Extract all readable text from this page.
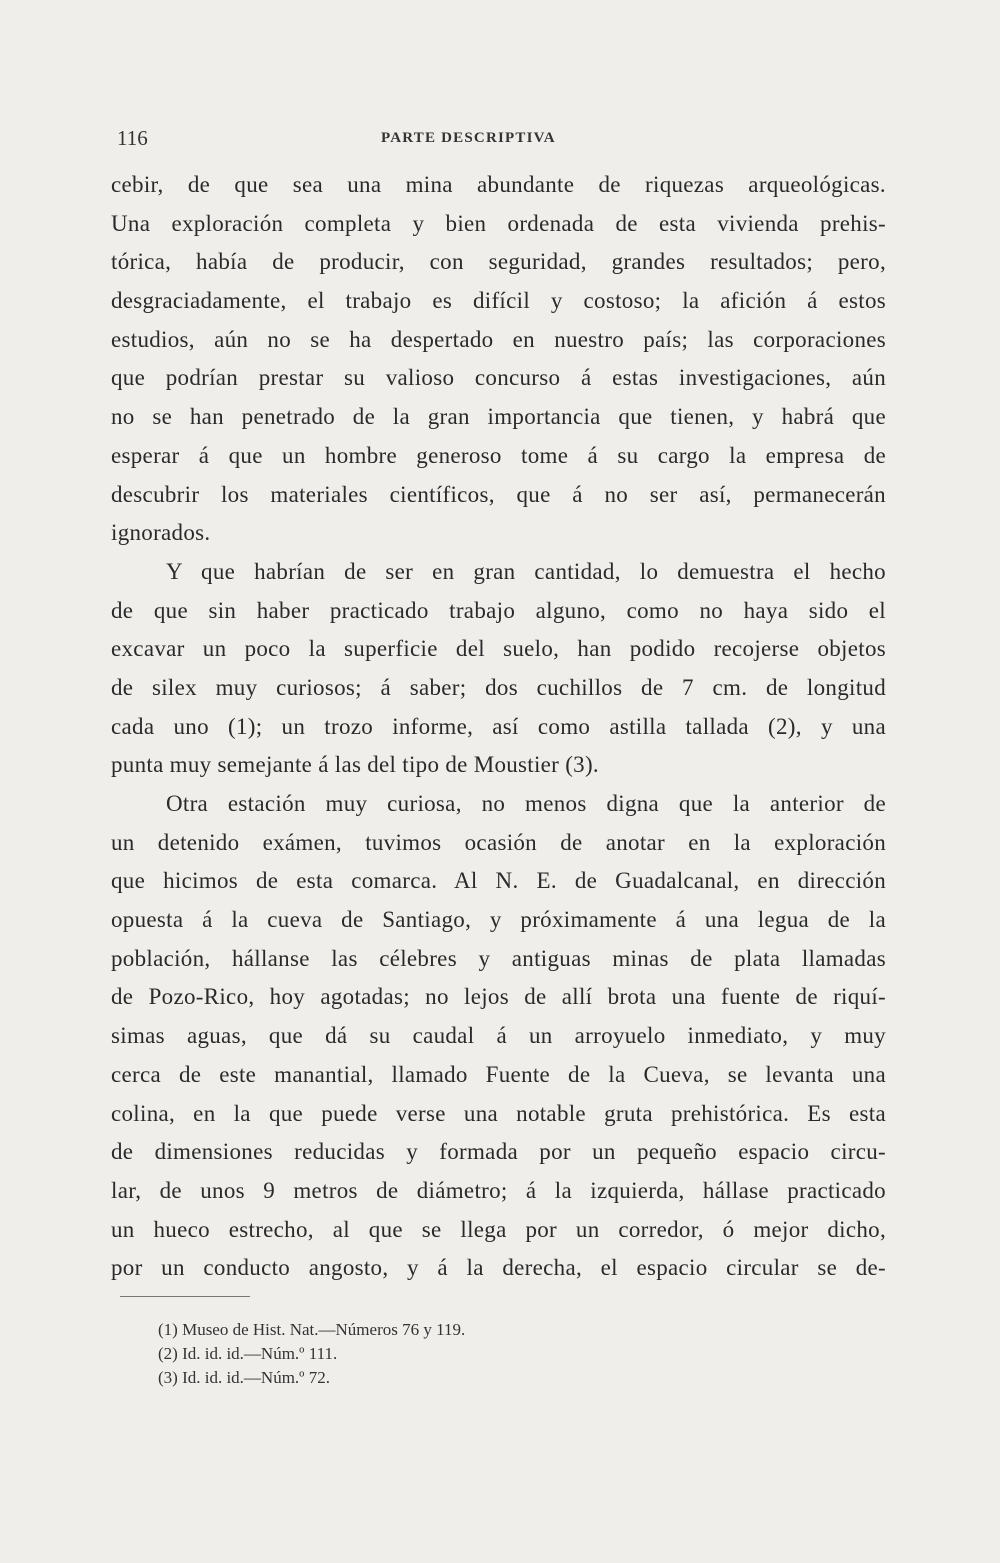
116	PARTE DESCRIPTIVA
cebir, de que sea una mina abundante de riquezas arqueológicas.
Una exploración completa y bien ordenada de esta vivienda prehis-
tórica, había de producir, con seguridad, grandes resultados; pero,
desgraciadamente, el trabajo es difícil y costoso; la afición á estos
estudios, aún no se ha despertado en nuestro país; las corporaciones
que podrían prestar su valioso concurso á estas investigaciones, aún
no se han penetrado de la gran importancia que tienen, y habrá que
esperar á que un hombre generoso tome á su cargo la empresa de
descubrir los materiales científicos, que á no ser así, permanecerán
ignorados.
Y que habrían de ser en gran cantidad, lo demuestra el hecho
de que sin haber practicado trabajo alguno, como no haya sido el
excavar un poco la superficie del suelo, han podido recojerse objetos
de silex muy curiosos; á saber; dos cuchillos de 7 cm. de longitud
cada uno (1); un trozo informe, así como astilla tallada (2), y una
punta muy semejante á las del tipo de Moustier (3).
Otra estación muy curiosa, no menos digna que la anterior de
un detenido exámen, tuvimos ocasión de anotar en la exploración
que hicimos de esta comarca. Al N. E. de Guadalcanal, en dirección
opuesta á la cueva de Santiago, y próximamente á una legua de la
población, hállanse las célebres y antiguas minas de plata llamadas
de Pozo-Rico, hoy agotadas; no lejos de allí brota una fuente de riquí-
simas aguas, que dá su caudal á un arroyuelo inmediato, y muy
cerca de este manantial, llamado Fuente de la Cueva, se levanta una
colina, en la que puede verse una notable gruta prehistórica. Es esta
de dimensiones reducidas y formada por un pequeño espacio circu-
lar, de unos 9 metros de diámetro; á la izquierda, hállase practicado
un hueco estrecho, al que se llega por un corredor, ó mejor dicho,
por un conducto angosto, y á la derecha, el espacio circular se de-
(1) Museo de Hist. Nat.—Números 76 y 119.
(2) Id. id. id.—Núm.º 111.
(3) Id. id. id.—Núm.º 72.
